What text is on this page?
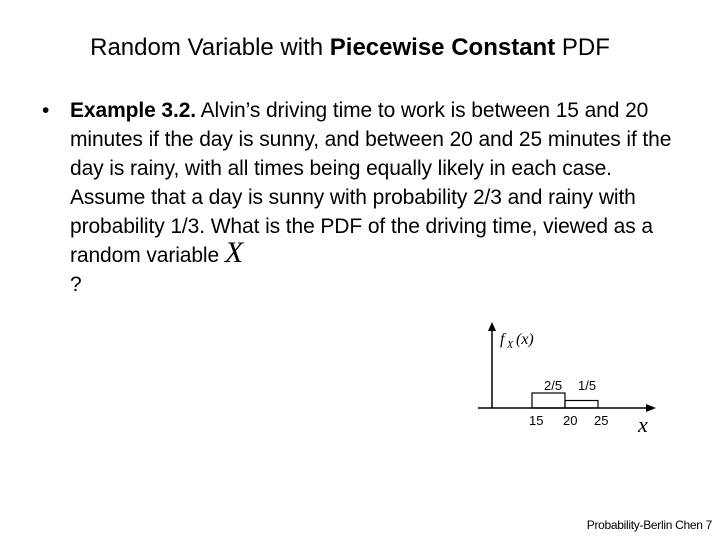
Random Variable with Piecewise Constant PDF
• Example 3.2. Alvin’s driving time to work is between 15 and 20 minutes if the day is sunny, and between 20 and 25 minutes if the day is rainy, with all times being equally likely in each case. Assume that a day is sunny with probability 2/3 and rainy with probability 1/3. What is the PDF of the driving time, viewed as a random variable X
?
f X (x)
2/5 1/5
15 20 25 x
Probability-Berlin Chen 7
